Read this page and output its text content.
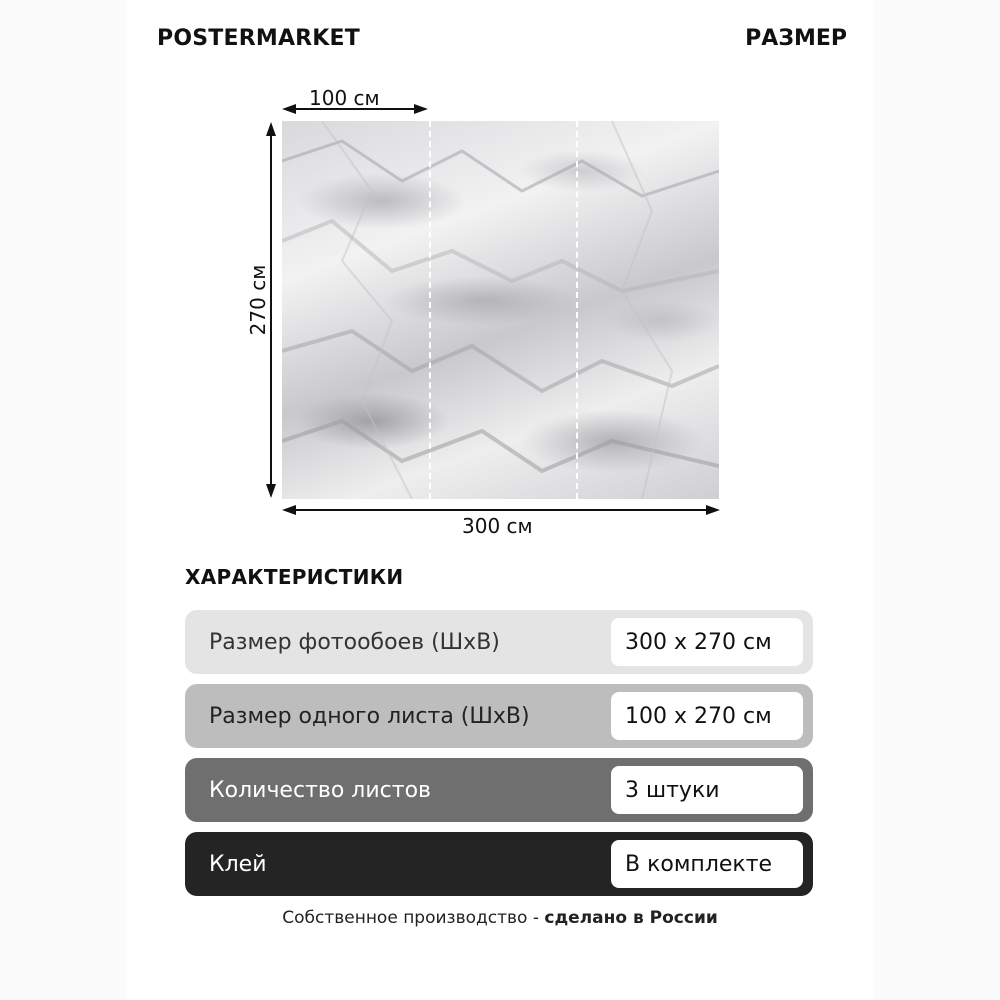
POSTERMARKET	РАЗМЕР
100 см
270 см
300 см
ХАРАКТЕРИСТИКИ
Размер фотообоев (ШхВ)	300 х 270 см
Размер одного листа (ШхВ)	100 х 270 см
Количество листов	3 штуки
Клей	В комплекте
Собственное производство - сделано в России
